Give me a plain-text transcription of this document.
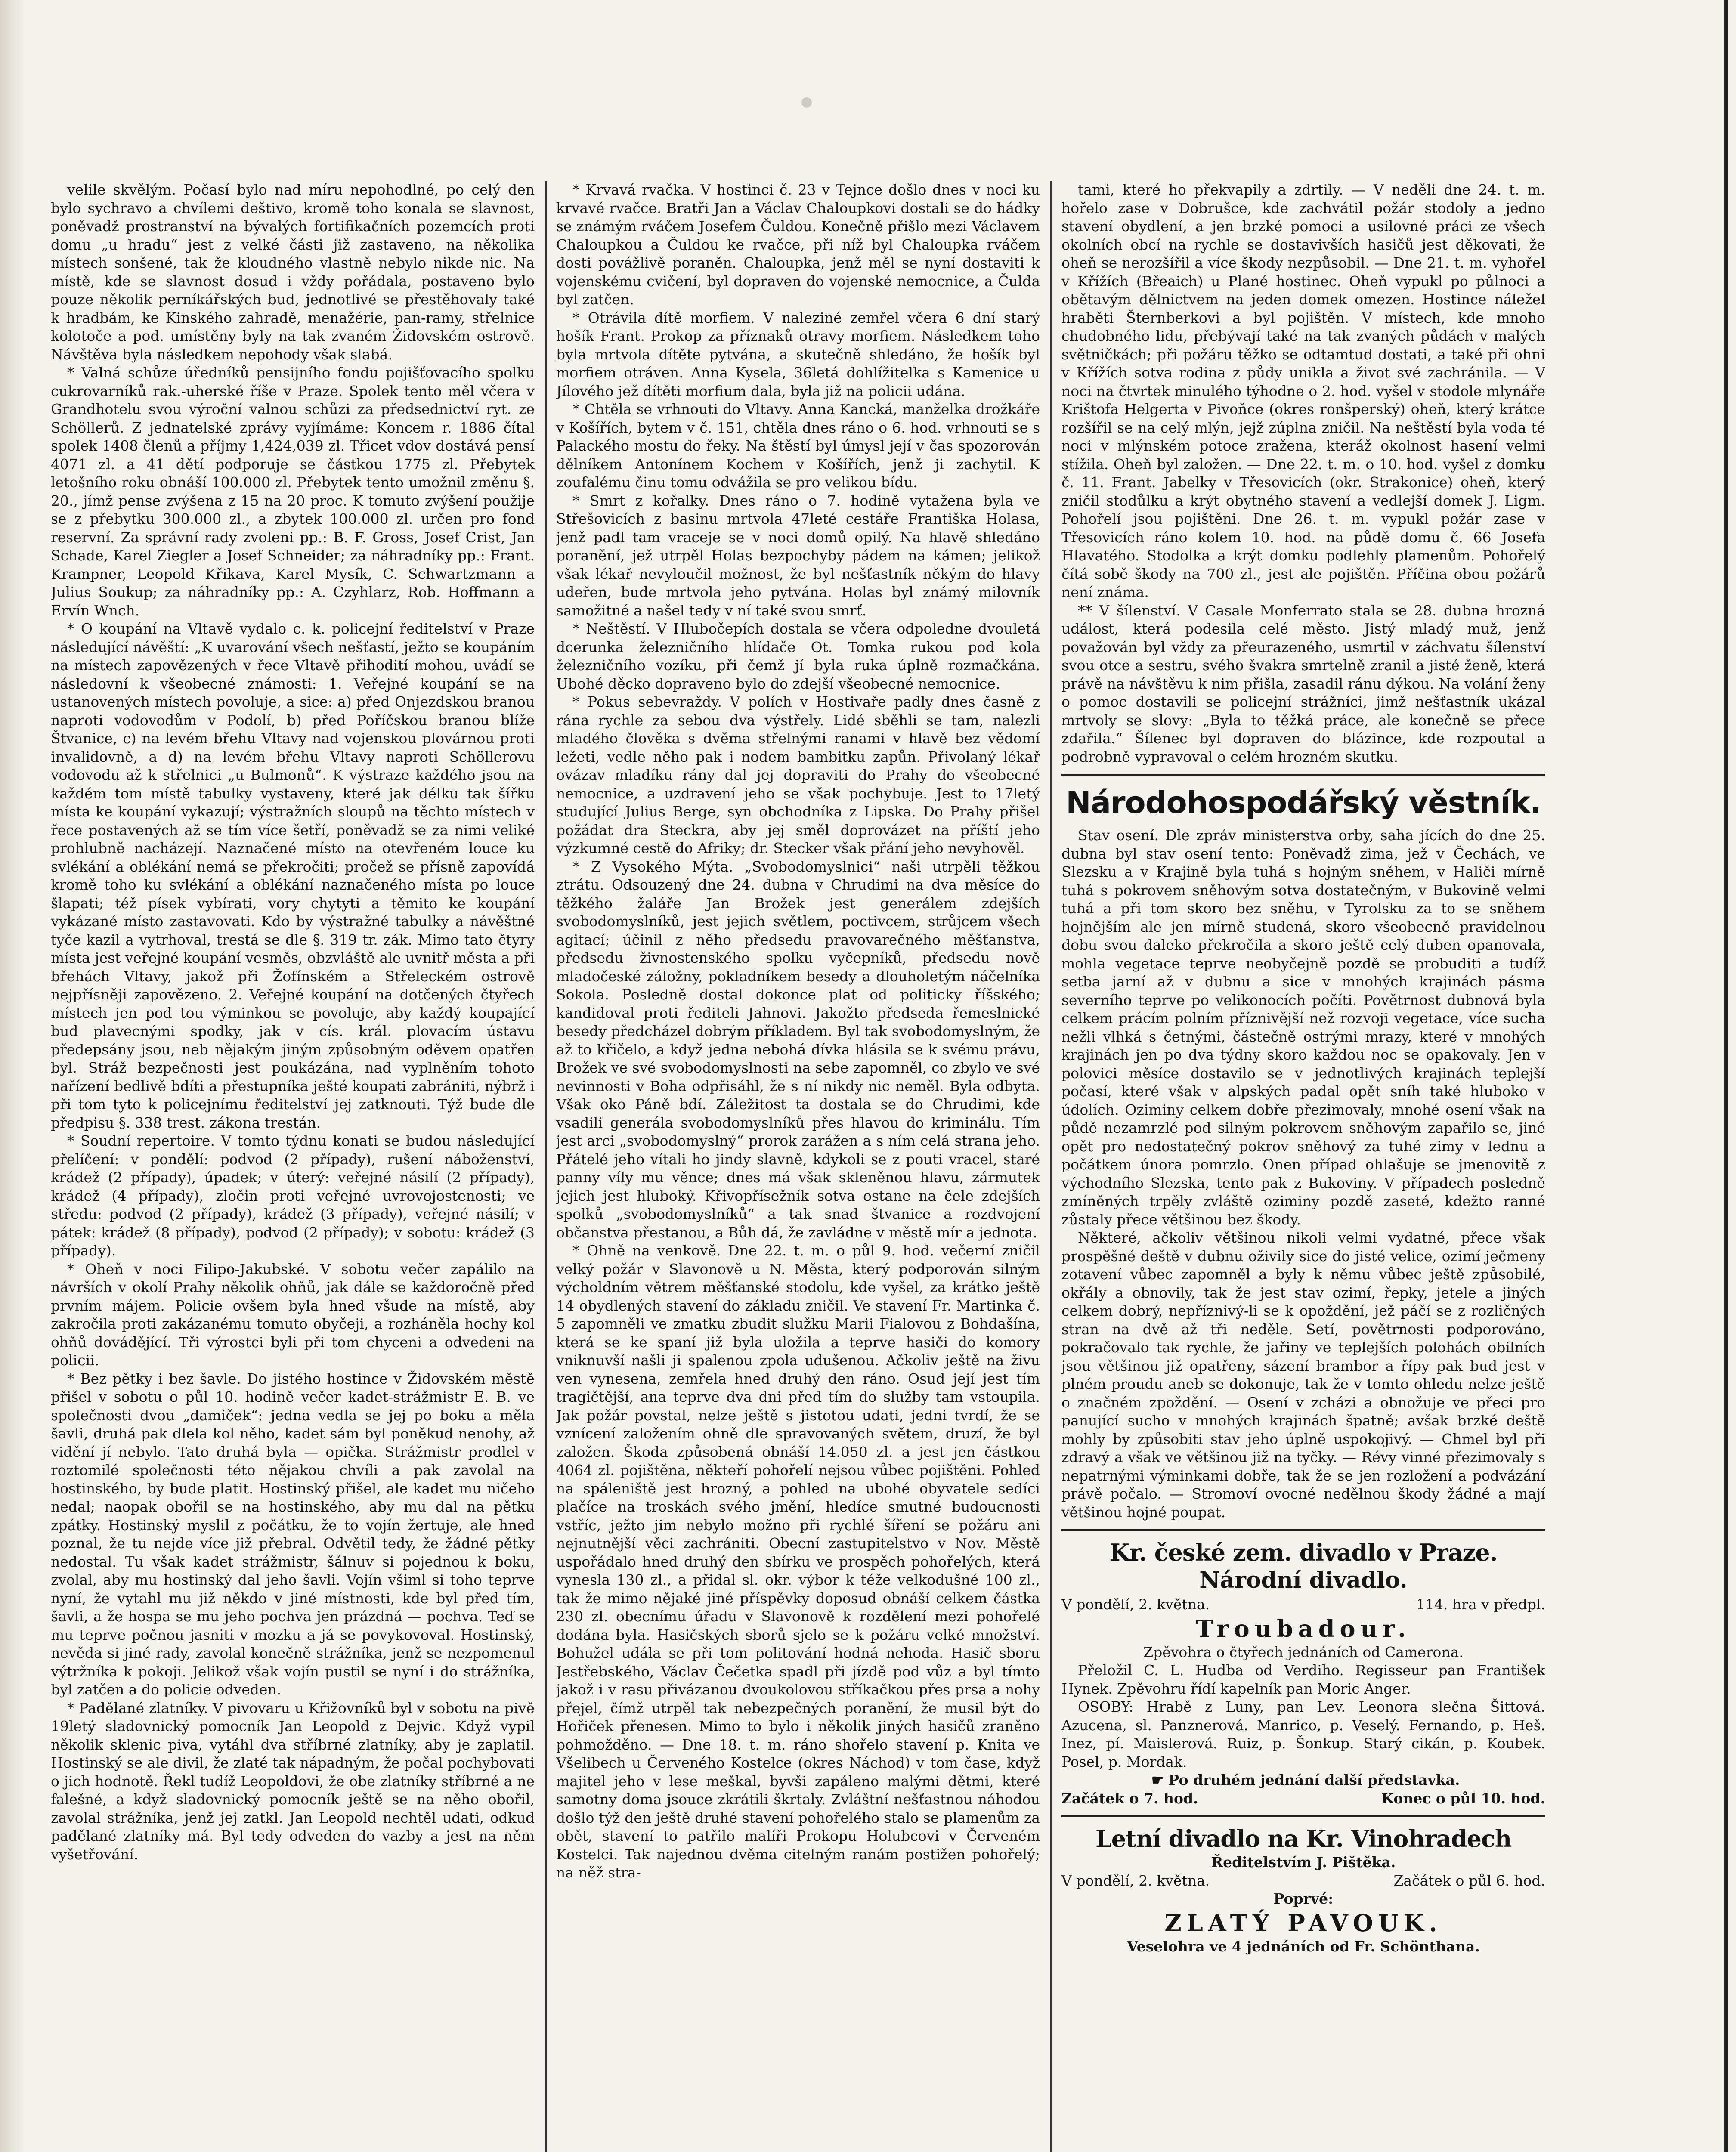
velile skvělým. Počasí bylo nad míru nepohodlné, po celý den bylo sychravo a chvílemi deštivo, kromě toho konala se slavnost, poněvadž prostranství na bývalých fortifikačních pozemcích proti domu „u hradu“ jest z velké části již zastaveno, na několika místech sonšené, tak že kloudného vlastně nebylo nikde nic. Na místě, kde se slavnost dosud i vždy pořádala, postaveno bylo pouze několik perníkářských bud, jednotlivé se přestěhovaly také k hradbám, ke Kinského zahradě, menažérie, pan-ramy, střelnice kolotoče a pod. umístěny byly na tak zvaném Židovském ostrově. Návštěva byla následkem nepohody však slabá.

* Valná schůze úředníků pensijního fondu pojišťovacího spolku cukrovarníků rak.-uherské říše v Praze. Spolek tento měl včera v Grandhotelu svou výroční valnou schůzi za předsednictví ryt. ze Schöllerů. Z jednatelské zprávy vyjímáme: Koncem r. 1886 čítal spolek 1408 členů a příjmy 1,424,039 zl. Třicet vdov dostává pensí 4071 zl. a 41 dětí podporuje se částkou 1775 zl. Přebytek letošního roku obnáší 100.000 zl. Přebytek tento umožnil změnu §. 20., jímž pense zvýšena z 15 na 20 proc. K tomuto zvýšení použije se z přebytku 300.000 zl., a zbytek 100.000 zl. určen pro fond reservní. Za správní rady zvoleni pp.: B. F. Gross, Josef Crist, Jan Schade, Karel Ziegler a Josef Schneider; za náhradníky pp.: Frant. Krampner, Leopold Křikava, Karel Mysík, C. Schwartzmann a Julius Soukup; za náhradníky pp.: A. Czyhlarz, Rob. Hoffmann a Ervín Wnch.

* O koupání na Vltavě vydalo c. k. policejní ředitelství v Praze následující návěští: „K uvarování všech nešťastí, ježto se koupáním na místech zapovězených v řece Vltavě přihodití mohou, uvádí se následovní k všeobecné známosti: 1. Veřejné koupání se na ustanovených místech povoluje, a sice: a) před Onjezdskou branou naproti vodovodům v Podolí, b) před Poříčskou branou blíže Štvanice, c) na levém břehu Vltavy nad vojenskou plovárnou proti invalidovně, a d) na levém břehu Vltavy naproti Schöllerovu vodovodu až k střelnici „u Bulmonů“. K výstraze každého jsou na každém tom místě tabulky vystaveny, které jak délku tak šířku místa ke koupání vykazují; výstražních sloupů na těchto místech v řece postavených až se tím více šetří, poněvadž se za nimi veliké prohlubně nacházejí. Naznačené místo na otevřeném louce ku svlékání a oblékání nemá se překročiti; pročež se přísně zapovídá kromě toho ku svlékání a oblékání naznačeného místa po louce šlapati; též písek vybírati, vory chytyti a těmito ke koupání vykázané místo zastavovati. Kdo by výstražné tabulky a návěštné tyče kazil a vytrhoval, trestá se dle §. 319 tr. zák. Mimo tato čtyry místa jest veřejné koupání vesměs, obzvláště ale uvnitř města a při břehách Vltavy, jakož při Žofínském a Střeleckém ostrově nejpřísněji zapovězeno. 2. Veřejné koupání na dotčených čtyřech místech jen pod tou výminkou se povoluje, aby každý koupající bud plavecnými spodky, jak v cís. král. plovacím ústavu předepsány jsou, neb nějakým jiným způsobným oděvem opatřen byl. Stráž bezpečnosti jest poukázána, nad vyplněním tohoto nařízení bedlivě bdíti a přestupníka ješté koupati zabrániti, nýbrž i při tom tyto k policejnímu ředitelství jej zatknouti. Týž bude dle předpisu §. 338 trest. zákona trestán.

* Soudní repertoire. V tomto týdnu konati se budou následující přelíčení: v pondělí: podvod (2 případy), rušení náboženství, krádež (2 případy), úpadek; v úterý: veřejné násilí (2 případy), krádež (4 případy), zločin proti veřejné uvrovojostenosti; ve středu: podvod (2 případy), krádež (3 případy), veřejné násilí; v pátek: krádež (8 případy), podvod (2 případy); v sobotu: krádež (3 případy).

* Oheň v noci Filipo-Jakubské. V sobotu večer zapálilo na návrších v okolí Prahy několik ohňů, jak dále se každoročně před prvním májem. Policie ovšem byla hned všude na místě, aby zakročila proti zakázanému tomuto obyčeji, a rozháněla hochy kol ohňů dovádějící. Tři výrostci byli při tom chyceni a odvedeni na policii.

* Bez pětky i bez šavle. Do jistého hostince v Židovském městě přišel v sobotu o půl 10. hodině večer kadet-strážmistr E. B. ve společnosti dvou „damiček“: jedna vedla se jej po boku a měla šavli, druhá pak dlela kol něho, kadet sám byl poněkud nenohy, až vidění jí nebylo. Tato druhá byla — opička. Strážmistr prodlel v roztomilé společnosti této nějakou chvíli a pak zavolal na hostinského, by bude platit. Hostinský přišel, ale kadet mu ničeho nedal; naopak obořil se na hostinského, aby mu dal na pětku zpátky. Hostinský myslil z počátku, že to vojín žertuje, ale hned poznal, že tu nejde více již přebral. Odvětil tedy, že žádné pětky nedostal. Tu však kadet strážmistr, šálnuv si pojednou k boku, zvolal, aby mu hostinský dal jeho šavli. Vojín všiml si toho teprve nyní, že vytahl mu již někdo v jiné místnosti, kde byl před tím, šavli, a že hospa se mu jeho pochva jen prázdná — pochva. Teď se mu teprve počnou jasniti v mozku a já se povykovoval. Hostinský, nevěda si jiné rady, zavolal konečně strážníka, jenž se nezpomenul výtržníka k pokoji. Jelikož však vojín pustil se nyní i do strážníka, byl zatčen a do policie odveden.

* Padělané zlatníky. V pivovaru u Křižovníků byl v sobotu na pivě 19letý sladovnický pomocník Jan Leopold z Dejvic. Když vypil několik sklenic piva, vytáhl dva stříbrné zlatníky, aby je zaplatil. Hostinský se ale divil, že zlaté tak nápadným, že počal pochybovati o jich hodnotě. Řekl tudíž Leopoldovi, že obe zlatníky stříbrné a ne falešné, a když sladovnický pomocník ještě se na něho obořil, zavolal strážníka, jenž jej zatkl. Jan Leopold nechtěl udati, odkud padělané zlatníky má. Byl tedy odveden do vazby a jest na něm vyšetřování.

* Krvavá rvačka. V hostinci č. 23 v Tejnce došlo dnes v noci ku krvavé rvačce. Bratři Jan a Václav Chaloupkovi dostali se do hádky se známým rváčem Josefem Čuldou. Konečně přišlo mezi Václavem Chaloupkou a Čuldou ke rvačce, při níž byl Chaloupka rváčem dosti povážlivě poraněn. Chaloupka, jenž měl se nyní dostaviti k vojenskému cvičení, byl dopraven do vojenské nemocnice, a Čulda byl zatčen.

* Otrávila dítě morfiem. V naleziné zemřel včera 6 dní starý hošík Frant. Prokop za příznaků otravy morfiem. Následkem toho byla mrtvola dítěte pytvána, a skutečně shledáno, že hošík byl morfiem otráven. Anna Kysela, 36letá dohlížitelka s Kamenice u Jílového jež dítěti morfium dala, byla již na policii udána.

* Chtěla se vrhnouti do Vltavy. Anna Kancká, manželka drožkáře v Košířích, bytem v č. 151, chtěla dnes ráno o 6. hod. vrhnouti se s Palackého mostu do řeky. Na štěstí byl úmysl její v čas spozorován dělníkem Antonínem Kochem v Košířích, jenž ji zachytil. K zoufalému činu tomu odvážila se pro velikou bídu.

* Smrt z kořalky. Dnes ráno o 7. hodině vytažena byla ve Střešovicích z basinu mrtvola 47leté cestáře Františka Holasa, jenž padl tam vraceje se v noci domů opilý. Na hlavě shledáno poranění, jež utrpěl Holas bezpochyby pádem na kámen; jelikož však lékař nevyloučil možnost, že byl nešťastník někým do hlavy udeřen, bude mrtvola jeho pytvána. Holas byl známý milovník samožitné a našel tedy v ní také svou smrť.

* Neštěstí. V Hlubočepích dostala se včera odpoledne dvouletá dcerunka železničního hlídače Ot. Tomka rukou pod kola železničního vozíku, při čemž jí byla ruka úplně rozmačkána. Ubohé děcko dopraveno bylo do zdejší všeobecné nemocnice.

* Pokus sebevraždy. V polích v Hostivaře padly dnes časně z rána rychle za sebou dva výstřely. Lidé sběhli se tam, nalezli mladého člověka s dvěma střelnými ranami v hlavě bez vědomí ležeti, vedle něho pak i nodem bambitku zapůn. Přivolaný lékař ovázav mladíku rány dal jej dopraviti do Prahy do všeobecné nemocnice, a uzdravení jeho se však pochybuje. Jest to 17letý studující Julius Berge, syn obchodníka z Lipska. Do Prahy přišel požádat dra Steckra, aby jej směl doprovázet na příští jeho výzkumné cestě do Afriky; dr. Stecker však přání jeho nevyhověl.

* Z Vysokého Mýta. „Svobodomyslnici“ naši utrpěli těžkou ztrátu. Odsouzený dne 24. dubna v Chrudimi na dva měsíce do těžkého žaláře Jan Brožek jest generálem zdejších svobodomyslníků, jest jejich světlem, poctivcem, strůjcem všech agitací; účinil z něho předsedu pravovarečného měšťanstva, předsedu živnostenského spolku vyčepníků, předsedu nově mladočeské záložny, pokladníkem besedy a dlouholetým náčelníka Sokola. Posledně dostal dokonce plat od politicky říšského; kandidoval proti řediteli Jahnovi. Jakožto předseda řemeslnické besedy předcházel dobrým příkladem. Byl tak svobodomyslným, že až to křičelo, a když jedna nebohá dívka hlásila se k svému právu, Brožek ve své svobodomyslnosti na sebe zapomněl, co zbylo ve své nevinnosti v Boha odpřisáhl, že s ní nikdy nic neměl. Byla odbyta. Však oko Páně bdí. Záležitost ta dostala se do Chrudimi, kde vsadili generála svobodomyslníků přes hlavou do kriminálu. Tím jest arci „svobodomyslný“ prorok zarážen a s ním celá strana jeho. Přátelé jeho vítali ho jindy slavně, kdykoli se z pouti vracel, staré panny víly mu věnce; dnes má však skleněnou hlavu, zármutek jejich jest hluboký. Křivopřísežník sotva ostane na čele zdejších spolků „svobodomyslníků“ a tak snad štvanice a rozdvojení občanstva přestanou, a Bůh dá, že zavládne v městě mír a jednota.

* Ohně na venkově. Dne 22. t. m. o půl 9. hod. večerní zničil velký požár v Slavonově u N. Města, který podporován silným výcholdním větrem měšťanské stodolu, kde vyšel, za krátko ještě 14 obydlených stavení do základu zničil. Ve stavení Fr. Martinka č. 5 zapomněli ve zmatku zbudit služku Marii Fialovou z Bohdašína, která se ke spaní již byla uložila a teprve hasiči do komory vniknuvší našli ji spalenou zpola udušenou. Ačkoliv ještě na živu ven vynesena, zemřela hned druhý den ráno. Osud její jest tím tragičtější, ana teprve dva dni před tím do služby tam vstoupila. Jak požár povstal, nelze ještě s jistotou udati, jedni tvrdí, že se vznícení založením ohně dle spravovaných světem, druzí, že byl založen. Škoda způsobená obnáší 14.050 zl. a jest jen částkou 4064 zl. pojištěna, někteří pohořelí nejsou vůbec pojištěni. Pohled na spáleniště jest hrozný, a pohled na ubohé obyvatele sedíci plačíce na troskách svého jmění, hledíce smutné budoucnosti vstříc, ježto jim nebylo možno při rychlé šíření se požáru ani nejnutnější věci zachrániti. Obecní zastupitelstvo v Nov. Městě uspořádalo hned druhý den sbírku ve prospěch pohořelých, která vynesla 130 zl., a přidal sl. okr. výbor k téže velkodušné 100 zl., tak že mimo nějaké jiné příspěvky doposud obnáší celkem částka 230 zl. obecnímu úřadu v Slavonově k rozdělení mezi pohořelé dodána byla. Hasičských sborů sjelo se k požáru velké množství. Bohužel udála se při tom politování hodná nehoda. Hasič sboru Jestřebského, Václav Čečetka spadl při jízdě pod vůz a byl tímto jakož i v rasu přivázanou dvoukolovou stříkačkou přes prsa a nohy přejel, čímž utrpěl tak nebezpečných poranění, že musil být do Hořiček přenesen. Mimo to bylo i několik jiných hasičů zraněno pohmožděno. — Dne 18. t. m. ráno shořelo stavení p. Knita ve Všelibech u Červeného Kostelce (okres Náchod) v tom čase, když majitel jeho v lese meškal, byvši zapáleno malými dětmi, které samotny doma jsouce zkrátili škrtaly. Zvláštní nešťastnou náhodou došlo týž den ještě druhé stavení pohořelého stalo se plamenům za obět, stavení to patřilo malíři Prokopu Holubcovi v Červeném Kostelci. Tak najednou dvěma citelným ranám postižen pohořelý; na něž stra-

tami, které ho překvapily a zdrtily. — V neděli dne 24. t. m. hořelo zase v Dobrušce, kde zachvátil požár stodoly a jedno stavení obydlení, a jen brzké pomoci a usilovné práci ze všech okolních obcí na rychle se dostavivších hasičů jest děkovati, že oheň se nerozšířil a více škody nezpůsobil. — Dne 21. t. m. vyhořel v Křížích (Břeaich) u Plané hostinec. Oheň vypukl po půlnoci a obětavým dělnictvem na jeden domek omezen. Hostince náležel hraběti Šternberkovi a byl pojištěn. V místech, kde mnoho chudobného lidu, přebývají také na tak zvaných půdách v malých světničkách; při požáru těžko se odtamtud dostati, a také při ohni v Křížích sotva rodina z půdy unikla a život své zachránila. — V noci na čtvrtek minulého týhodne o 2. hod. vyšel v stodole mlynáře Krištofa Helgerta v Pivoňce (okres ronšperský) oheň, který krátce rozšířil se na celý mlýn, jejž zúplna zničil. Na neštěstí byla voda té noci v mlýnském potoce zražena, kteráž okolnost hasení velmi stížila. Oheň byl založen. — Dne 22. t. m. o 10. hod. vyšel z domku č. 11. Frant. Jabelky v Třesovicích (okr. Strakonice) oheň, který zničil stodůlku a krýt obytného stavení a vedlejší domek J. Ligm. Pohořelí jsou pojištěni. Dne 26. t. m. vypukl požár zase v Třesovicích ráno kolem 10. hod. na půdě domu č. 66 Josefa Hlavatého. Stodolka a krýt domku podlehly plamenům. Pohořelý čítá sobě škody na 700 zl., jest ale pojištěn. Příčina obou požárů není známa.

** V šílenství. V Casale Monferrato stala se 28. dubna hrozná událost, která podesila celé město. Jistý mladý muž, jenž považován byl vždy za přeurazeného, usmrtil v záchvatu šílenství svou otce a sestru, svého švakra smrtelně zranil a jisté ženě, která právě na návštěvu k nim přišla, zasadil ránu dýkou. Na volání ženy o pomoc dostavili se policejní strážníci, jimž nešťastník ukázal mrtvoly se slovy: „Byla to těžká práce, ale konečně se přece zdařila.“ Šílenec byl dopraven do blázince, kde rozpoutal a podrobně vypravoval o celém hrozném skutku.

Národohospodářský věstník.

Stav osení. Dle zpráv ministerstva orby, saha jících do dne 25. dubna byl stav osení tento: Poněvadž zima, jež v Čechách, ve Slezsku a v Krajině byla tuhá s hojným sněhem, v Haliči mírně tuhá s pokrovem sněhovým sotva dostatečným, v Bukovině velmi tuhá a při tom skoro bez sněhu, v Tyrolsku za to se sněhem hojnějším ale jen mírně studená, skoro všeobecně pravidelnou dobu svou daleko překročila a skoro ještě celý duben opanovala, mohla vegetace teprve neobyčejně pozdě se probuditi a tudíž setba jarní až v dubnu a sice v mnohých krajinách pásma severního teprve po velikonocích počíti. Povětrnost dubnová byla celkem prácím polním příznivější než rozvoji vegetace, více sucha nežli vlhká s četnými, částečně ostrými mrazy, které v mnohých krajinách jen po dva týdny skoro každou noc se opakovaly. Jen v polovici měsíce dostavilo se v jednotlivých krajinách teplejší počasí, které však v alpských padal opět sníh také hluboko v údolích. Oziminy celkem dobře přezimovaly, mnohé osení však na půdě nezamrzlé pod silným pokrovem sněhovým zapařilo se, jiné opět pro nedostatečný pokrov sněhový za tuhé zimy v lednu a počátkem února pomrzlo. Onen případ ohlašuje se jmenovitě z východního Slezska, tento pak z Bukoviny. V případech posledně zmíněných trpěly zvláště oziminy pozdě zaseté, kdežto ranné zůstaly přece většinou bez škody.

Některé, ačkoliv většinou nikoli velmi vydatné, přece však prospěšné deště v dubnu oživily sice do jisté velice, ozimí ječmeny zotavení vůbec zapomněl a byly k němu vůbec ještě způsobilé, okřály a obnovily, tak že jest stav ozimí, řepky, jetele a jiných celkem dobrý, nepříznivý-li se k opoždění, jež páčí se z rozličných stran na dvě až tři neděle. Setí, povětrnosti podporováno, pokračovalo tak rychle, že jařiny ve teplejších polohách obilních jsou většinou již opatřeny, sázení brambor a řípy pak bud jest v plném proudu aneb se dokonuje, tak že v tomto ohledu nelze ještě o značném zpoždění. — Osení v zcházi a obnožuje ve přeci pro panující sucho v mnohých krajinách špatně; avšak brzké deště mohly by způsobiti stav jeho úplně uspokojivý. — Chmel byl při zdravý a však ve většinou již na tyčky. — Révy vinné přezimovaly s nepatrnými výminkami dobře, tak že se jen rozložení a podvázání právě počalo. — Stromoví ovocné nedělnou škody žádné a mají většinou hojné poupat.

Kr. české zem. divadlo v Praze.
Národní divadlo.
V pondělí, 2. května.	114. hra v předpl.
Troubadour.
Zpěvohra o čtyřech jednáních od Camerona.

Přeložil C. L. Hudba od Verdiho. Regisseur pan František Hynek. Zpěvohru řídí kapelník pan Moric Anger.

OSOBY: Hrabě z Luny, pan Lev. Leonora slečna Šittová. Azucena, sl. Panznerová. Manrico, p. Veselý. Fernando, p. Heš. Inez, pí. Maislerová. Ruiz, p. Šonkup. Starý cikán, p. Koubek. Posel, p. Mordak.

☛ Po druhém jednání další představka.
Začátek o 7. hod.	Konec o půl 10. hod.
Letní divadlo na Kr. Vinohradech
Ředitelstvím J. Pištěka.
V pondělí, 2. května.	Začátek o půl 6. hod.
Poprvé:
ZLATÝ PAVOUK.
Veselohra ve 4 jednáních od Fr. Schönthana.
